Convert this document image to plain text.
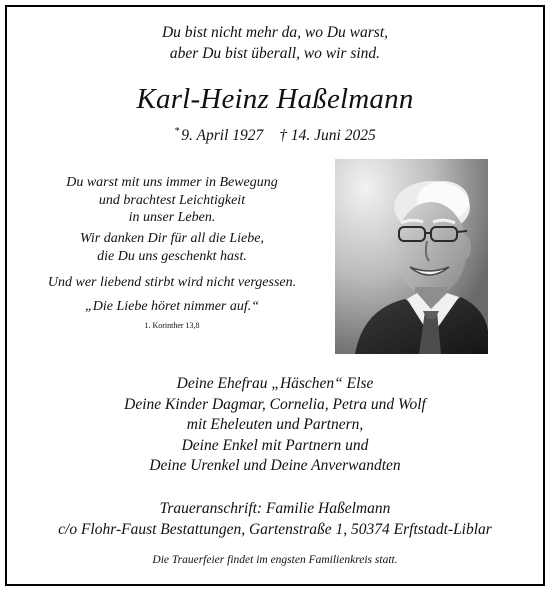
Du bist nicht mehr da, wo Du warst,
aber Du bist überall, wo wir sind.
Karl-Heinz Haßelmann
* 9. April 1927 † 14. Juni 2025
Du warst mit uns immer in Bewegung
und brachtest Leichtigkeit
in unser Leben.
Wir danken Dir für all die Liebe,
die Du uns geschenkt hast.
Und wer liebend stirbt wird nicht vergessen.
„Die Liebe höret nimmer auf.“
1. Korinther 13,8
Deine Ehefrau „Häschen“ Else
Deine Kinder Dagmar, Cornelia, Petra und Wolf
mit Eheleuten und Partnern,
Deine Enkel mit Partnern und
Deine Urenkel und Deine Anverwandten
Traueranschrift: Familie Haßelmann
c/o Flohr-Faust Bestattungen, Gartenstraße 1, 50374 Erftstadt-Liblar
Die Trauerfeier findet im engsten Familienkreis statt.
